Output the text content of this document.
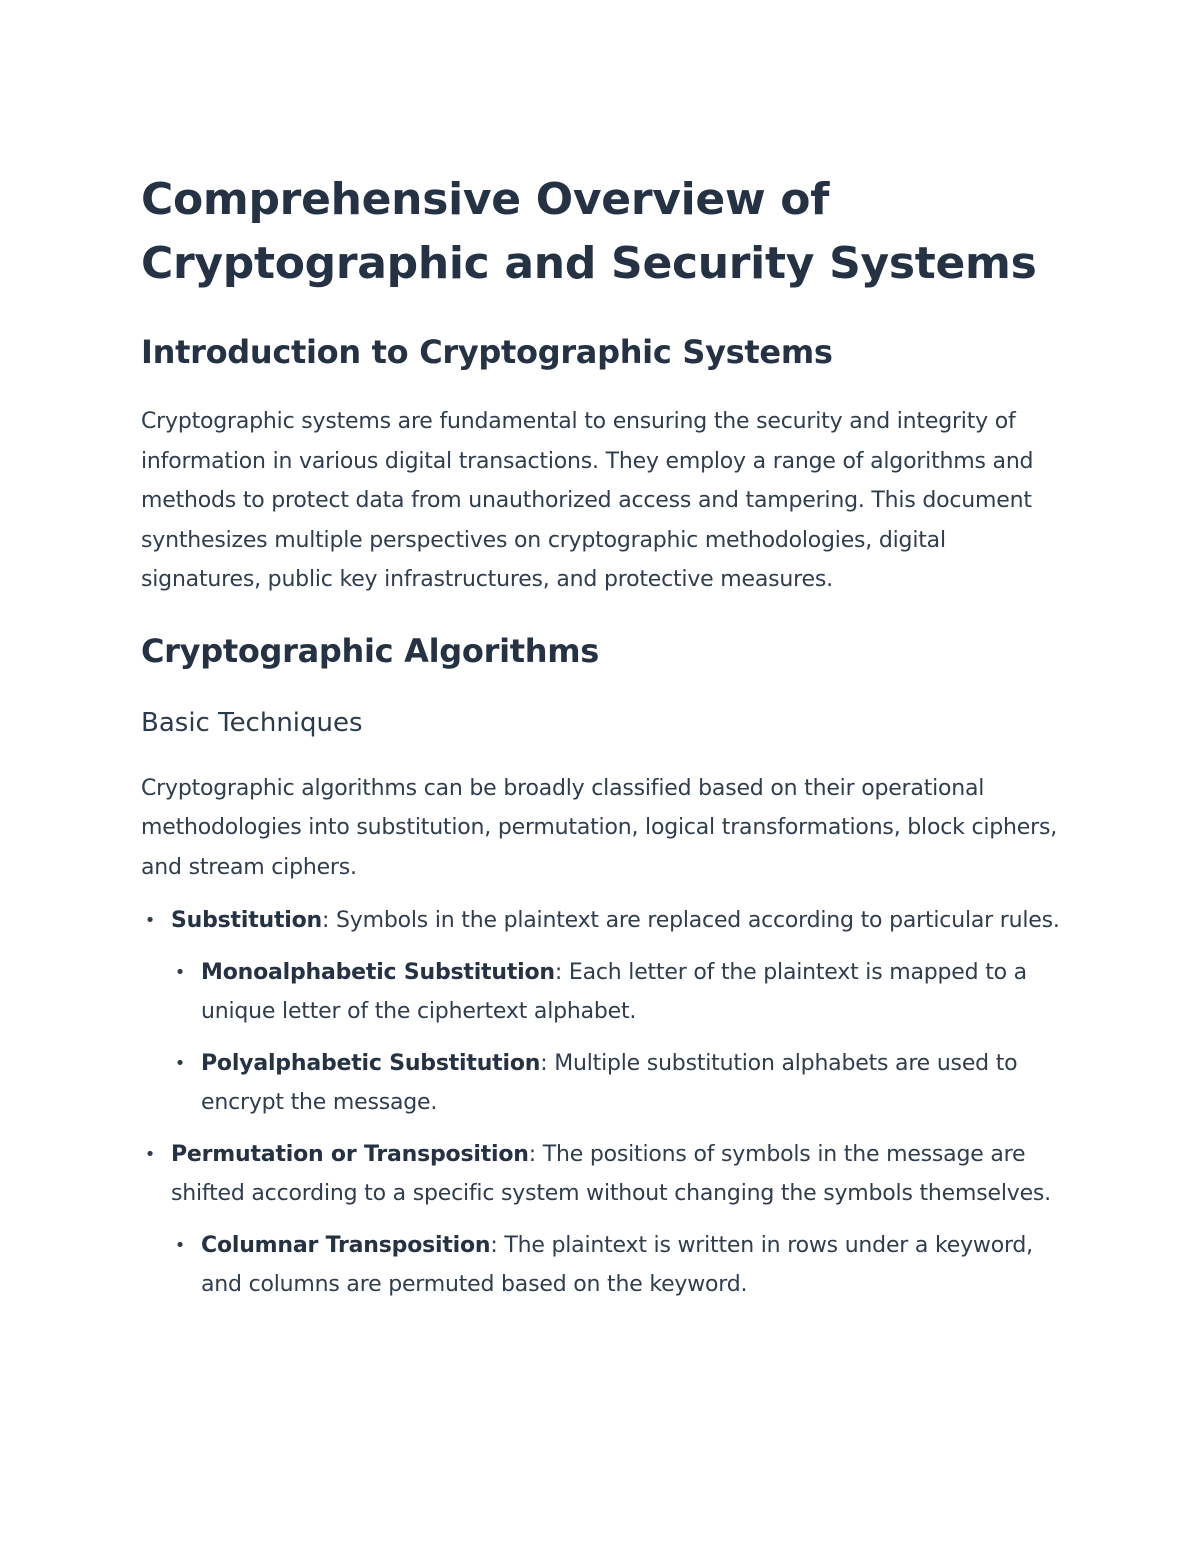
Comprehensive Overview of Cryptographic and Security Systems
Introduction to Cryptographic Systems

Cryptographic systems are fundamental to ensuring the security and integrity of information in various digital transactions. They employ a range of algorithms and methods to protect data from unauthorized access and tampering. This document synthesizes multiple perspectives on cryptographic methodologies, digital signatures, public key infrastructures, and protective measures.

Cryptographic Algorithms
Basic Techniques

Cryptographic algorithms can be broadly classified based on their operational methodologies into substitution, permutation, logical transformations, block ciphers, and stream ciphers.

• Substitution: Symbols in the plaintext are replaced according to particular rules.
• Monoalphabetic Substitution: Each letter of the plaintext is mapped to a unique letter of the ciphertext alphabet.
• Polyalphabetic Substitution: Multiple substitution alphabets are used to encrypt the message.
• Permutation or Transposition: The positions of symbols in the message are shifted according to a specific system without changing the symbols themselves.
• Columnar Transposition: The plaintext is written in rows under a keyword, and columns are permuted based on the keyword.
